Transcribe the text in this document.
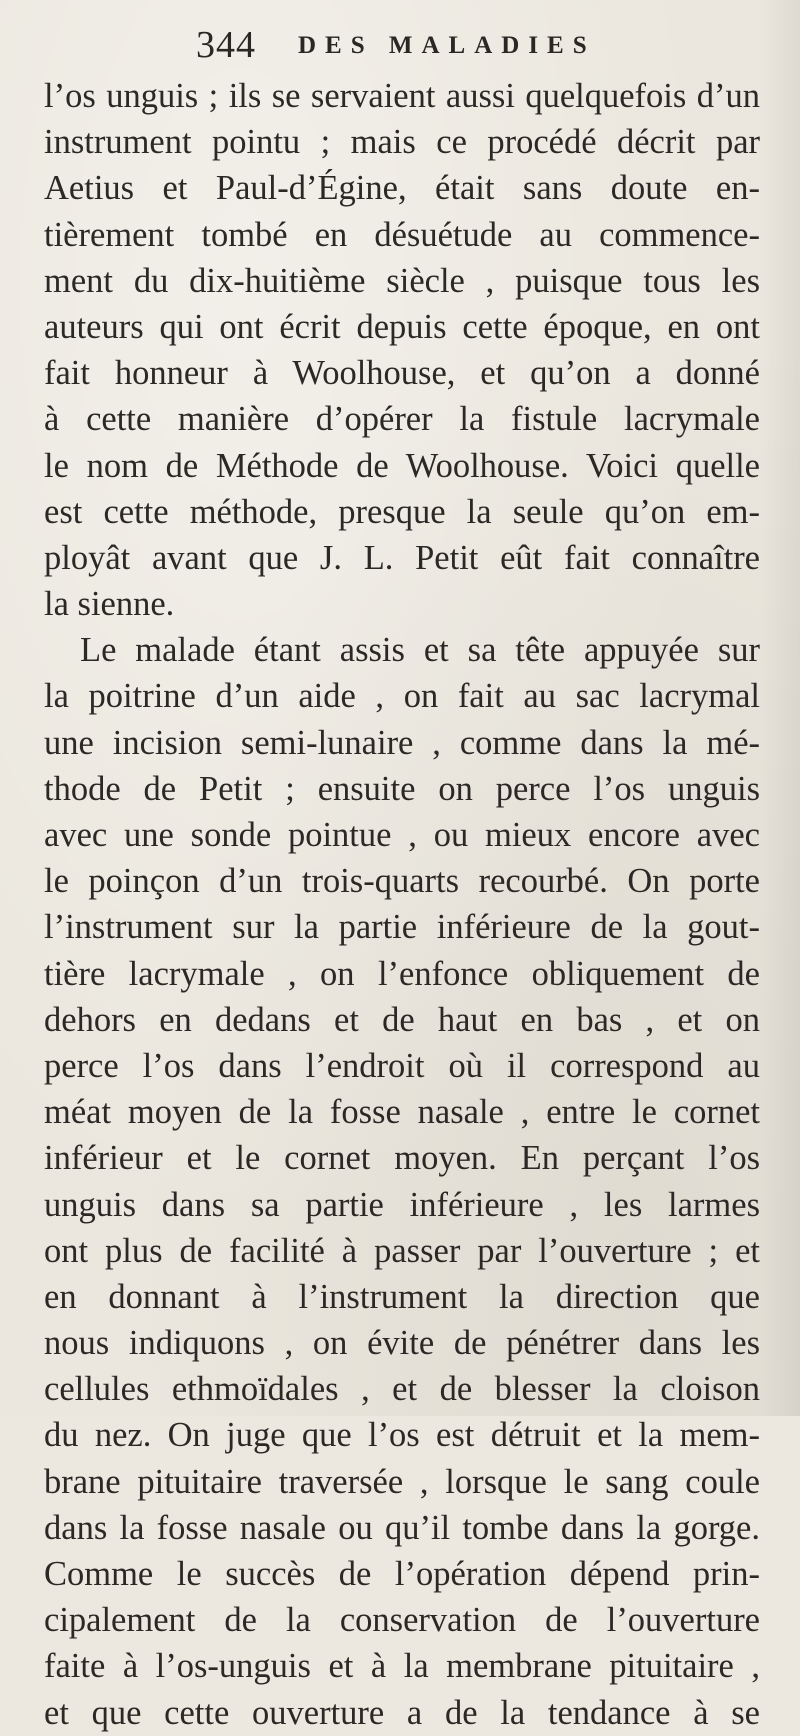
344 DES MALADIES
l’os unguis ; ils se servaient aussi quelquefois d’un
instrument pointu ; mais ce procédé décrit par
Aetius et Paul-d’Égine, était sans doute en-
tièrement tombé en désuétude au commence-
ment du dix-huitième siècle , puisque tous les
auteurs qui ont écrit depuis cette époque, en ont
fait honneur à Woolhouse, et qu’on a donné
à cette manière d’opérer la fistule lacrymale
le nom de Méthode de Woolhouse. Voici quelle
est cette méthode, presque la seule qu’on em-
ployât avant que J. L. Petit eût fait connaître
la sienne.
Le malade étant assis et sa tête appuyée sur
la poitrine d’un aide , on fait au sac lacrymal
une incision semi-lunaire , comme dans la mé-
thode de Petit ; ensuite on perce l’os unguis
avec une sonde pointue , ou mieux encore avec
le poinçon d’un trois-quarts recourbé. On porte
l’instrument sur la partie inférieure de la gout-
tière lacrymale , on l’enfonce obliquement de
dehors en dedans et de haut en bas , et on
perce l’os dans l’endroit où il correspond au
méat moyen de la fosse nasale , entre le cornet
inférieur et le cornet moyen. En perçant l’os
unguis dans sa partie inférieure , les larmes
ont plus de facilité à passer par l’ouverture ; et
en donnant à l’instrument la direction que
nous indiquons , on évite de pénétrer dans les
cellules ethmoïdales , et de blesser la cloison
du nez. On juge que l’os est détruit et la mem-
brane pituitaire traversée , lorsque le sang coule
dans la fosse nasale ou qu’il tombe dans la gorge.
Comme le succès de l’opération dépend prin-
cipalement de la conservation de l’ouverture
faite à l’os-unguis et à la membrane pituitaire ,
et que cette ouverture a de la tendance à se
